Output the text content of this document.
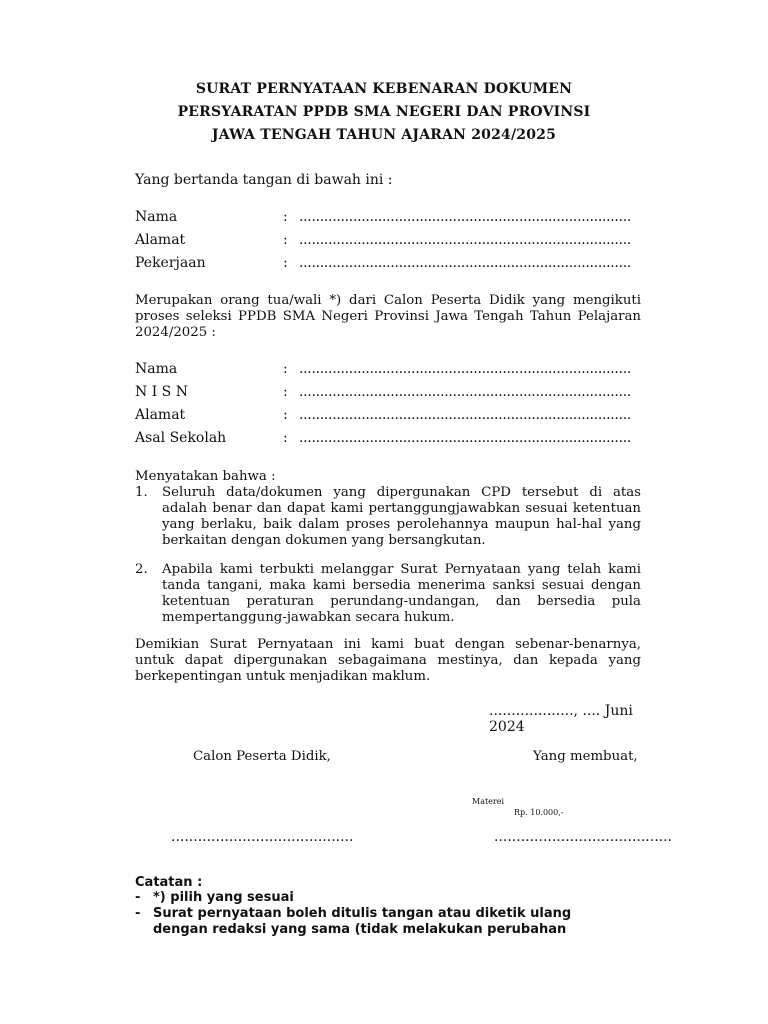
SURAT PERNYATAAN KEBENARAN DOKUMEN
PERSYARATAN PPDB SMA NEGERI DAN PROVINSI
JAWA TENGAH TAHUN AJARAN 2024/2025
Yang bertanda tangan di bawah ini :
Nama	: ................................................................................
Alamat	: ................................................................................
Pekerjaan	: ................................................................................
Merupakan orang tua/wali *) dari Calon Peserta Didik yang mengikuti proses seleksi PPDB SMA Negeri Provinsi Jawa Tengah Tahun Pelajaran 2024/2025 :
Nama	: ................................................................................
N I S N	: ................................................................................
Alamat	: ................................................................................
Asal Sekolah	: ................................................................................
Menyatakan bahwa :
1. Seluruh data/dokumen yang dipergunakan CPD tersebut di atas adalah benar dan dapat kami pertanggungjawabkan sesuai ketentuan yang berlaku, baik dalam proses perolehannya maupun hal-hal yang berkaitan dengan dokumen yang bersangkutan.
2. Apabila kami terbukti melanggar Surat Pernyataan yang telah kami tanda tangani, maka kami bersedia menerima sanksi sesuai dengan ketentuan peraturan perundang-undangan, dan bersedia pula mempertanggung-jawabkan secara hukum.
Demikian Surat Pernyataan ini kami buat dengan sebenar-benarnya, untuk dapat dipergunakan sebagaimana mestinya, dan kepada yang berkepentingan untuk menjadikan maklum.
..................., .... Juni
2024
Calon Peserta Didik,	Yang membuat,
Materei
Rp. 10.000,-
.........................................	........................................
Catatan :
- *) pilih yang sesuai
- Surat pernyataan boleh ditulis tangan atau diketik ulang
dengan redaksi yang sama (tidak melakukan perubahan
